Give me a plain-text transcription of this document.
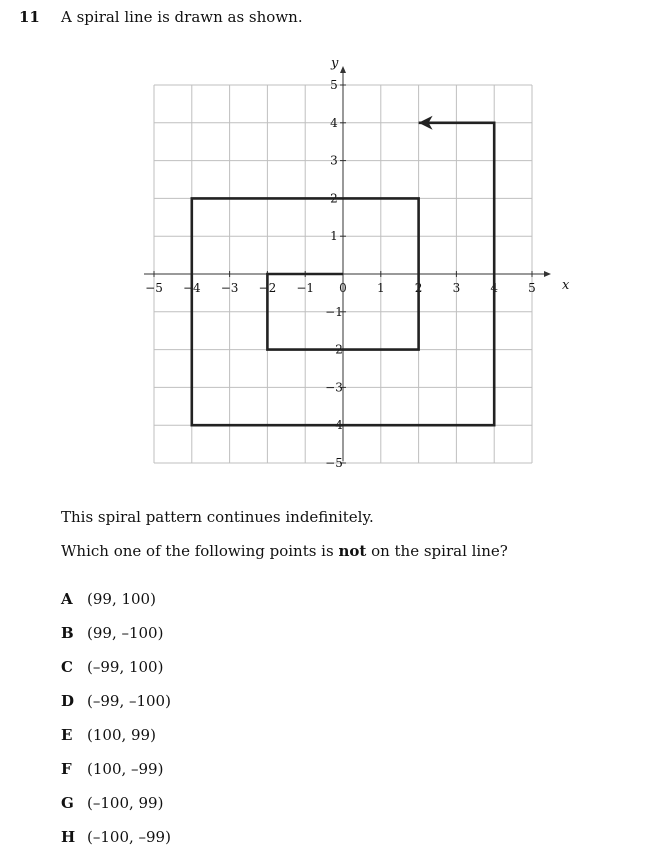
11 A spiral line is drawn as shown.
−5 −4 −3 −2 −1 0	1	2	3	4	5
−5
−4
−3
−2
−1
1
2
3
4
5
x
y
This spiral pattern continues indefinitely.
Which one of the following points is not on the spiral line?
A (99, 100)
B (99, –100)
C (–99, 100)
D (–99, –100)
E (100, 99)
F (100, –99)
G (–100, 99)
H (–100, –99)
